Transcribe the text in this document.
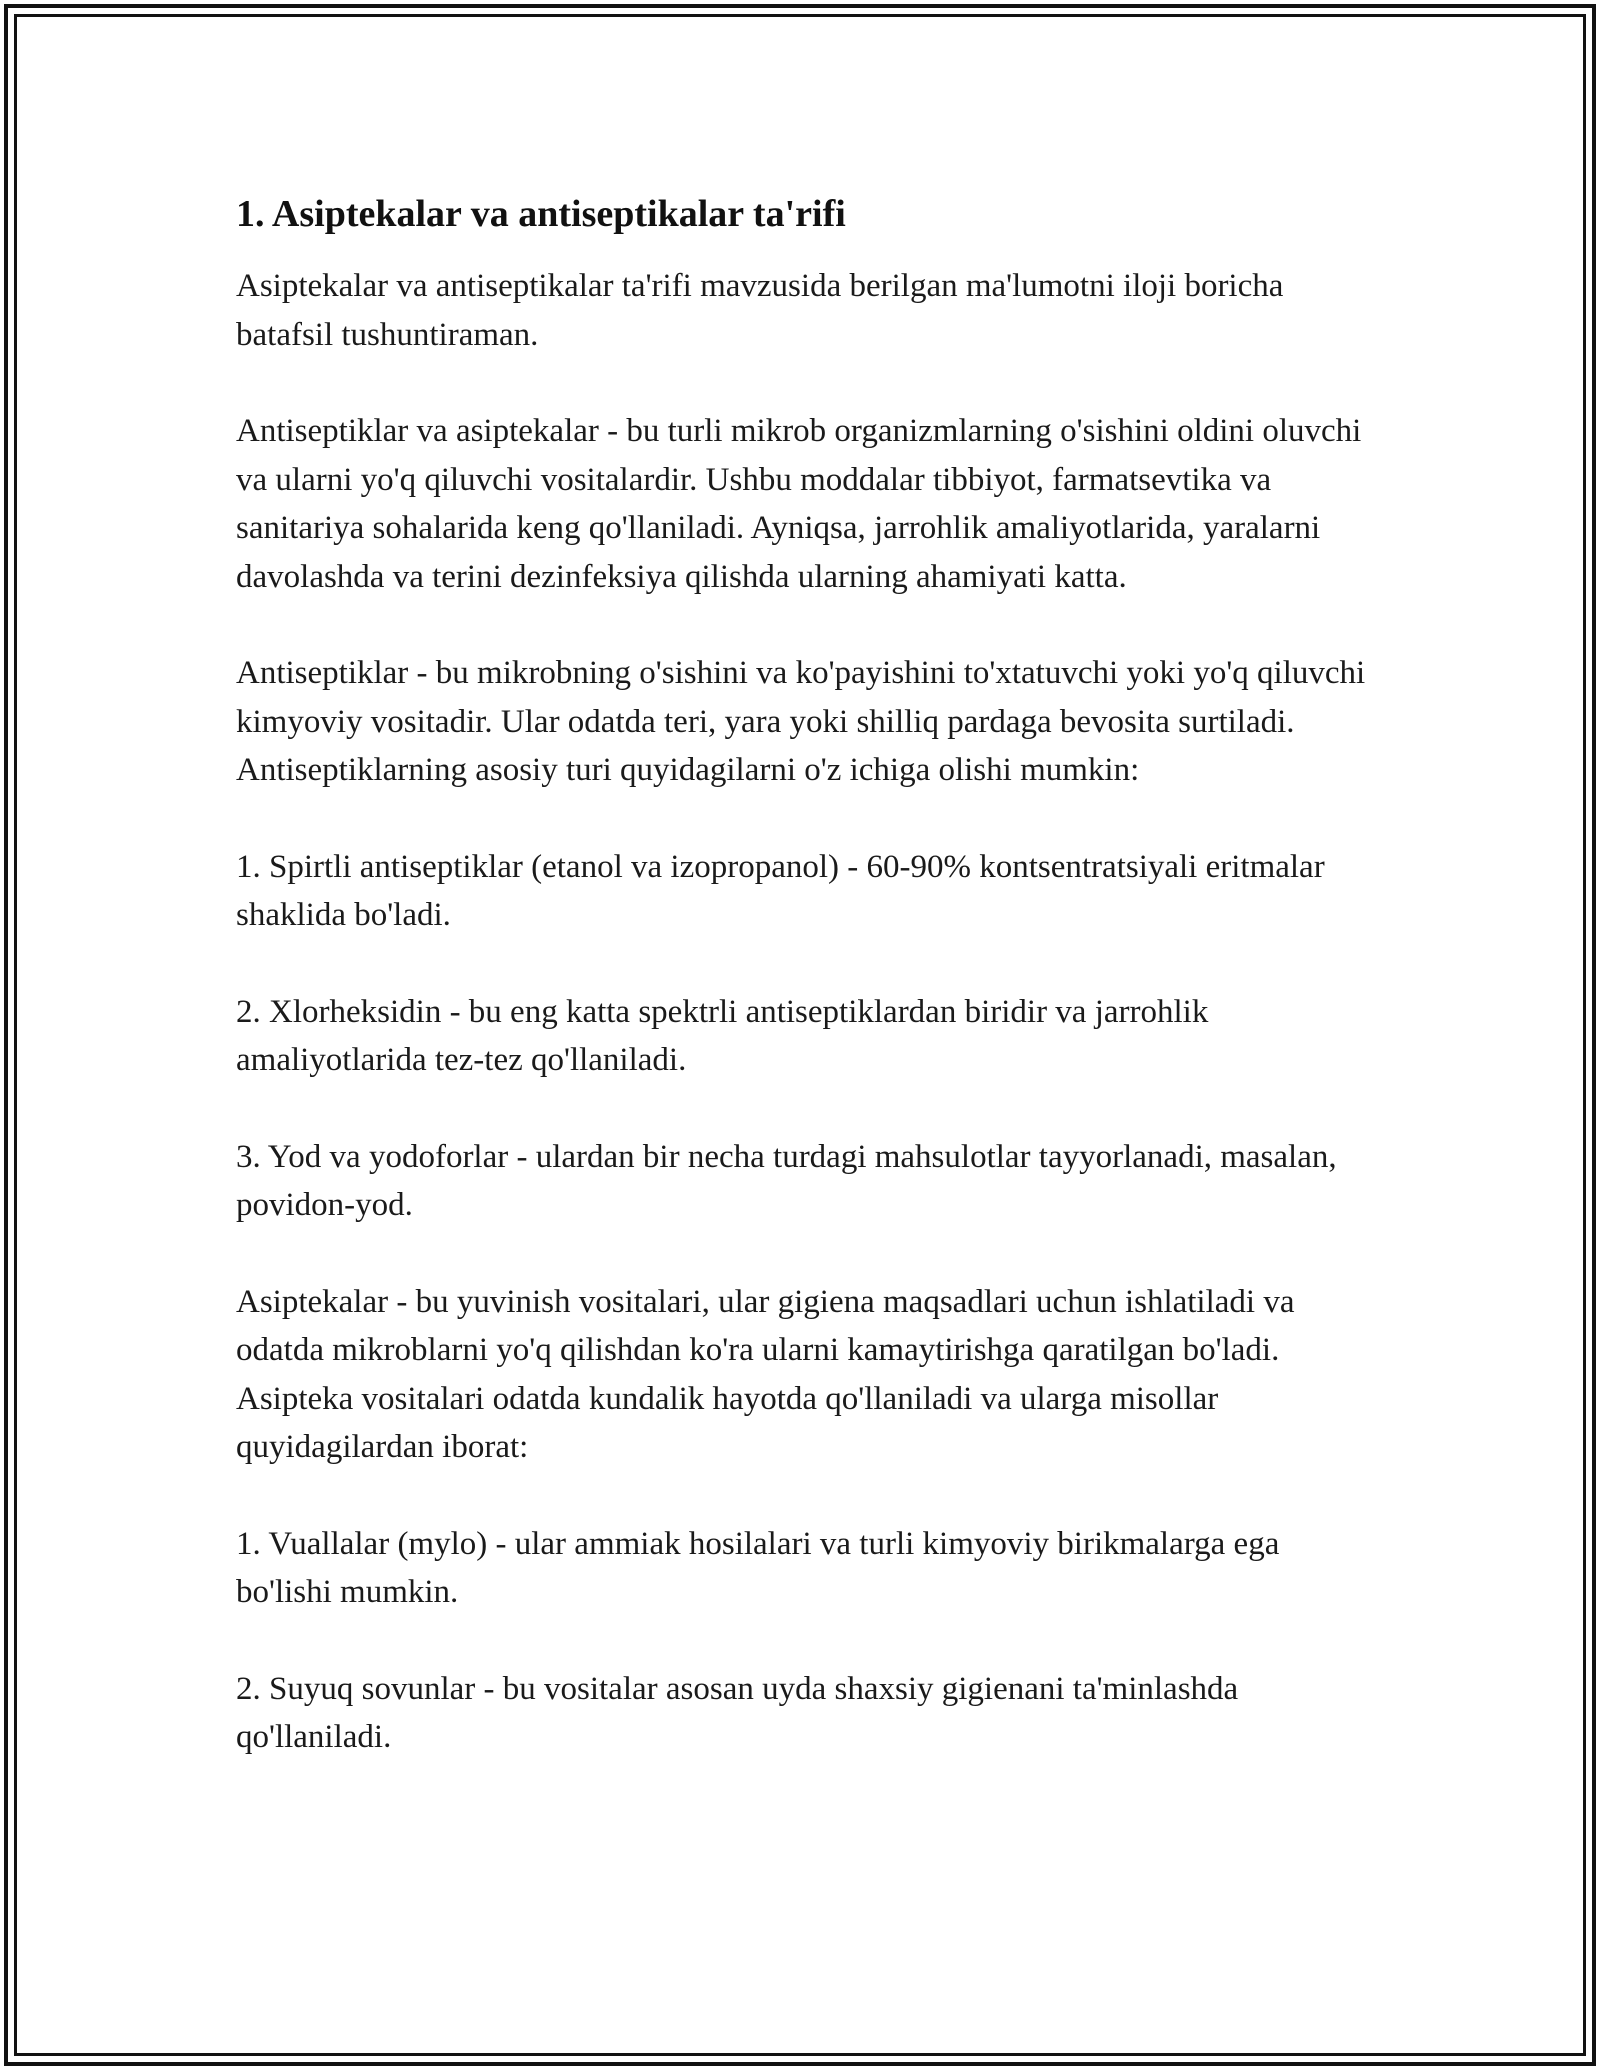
1. Asiptekalar va antiseptikalar ta'rifi

Asiptekalar va antiseptikalar ta'rifi mavzusida berilgan ma'lumotni iloji boricha batafsil tushuntiraman.

Antiseptiklar va asiptekalar - bu turli mikrob organizmlarning o'sishini oldini oluvchi va ularni yo'q qiluvchi vositalardir. Ushbu moddalar tibbiyot, farmatsevtika va sanitariya sohalarida keng qo'llaniladi. Ayniqsa, jarrohlik amaliyotlarida, yaralarni davolashda va terini dezinfeksiya qilishda ularning ahamiyati katta.

Antiseptiklar - bu mikrobning o'sishini va ko'payishini to'xtatuvchi yoki yo'q qiluvchi kimyoviy vositadir. Ular odatda teri, yara yoki shilliq pardaga bevosita surtiladi. Antiseptiklarning asosiy turi quyidagilarni o'z ichiga olishi mumkin:

1. Spirtli antiseptiklar (etanol va izopropanol) - 60-90% kontsentratsiyali eritmalar shaklida bo'ladi.

2. Xlorheksidin - bu eng katta spektrli antiseptiklardan biridir va jarrohlik amaliyotlarida tez-tez qo'llaniladi.

3. Yod va yodoforlar - ulardan bir necha turdagi mahsulotlar tayyorlanadi, masalan, povidon-yod.

Asiptekalar - bu yuvinish vositalari, ular gigiena maqsadlari uchun ishlatiladi va odatda mikroblarni yo'q qilishdan ko'ra ularni kamaytirishga qaratilgan bo'ladi. Asipteka vositalari odatda kundalik hayotda qo'llaniladi va ularga misollar quyidagilardan iborat:

1. Vuallalar (mylo) - ular ammiak hosilalari va turli kimyoviy birikmalarga ega bo'lishi mumkin.

2. Suyuq sovunlar - bu vositalar asosan uyda shaxsiy gigienani ta'minlashda qo'llaniladi.
